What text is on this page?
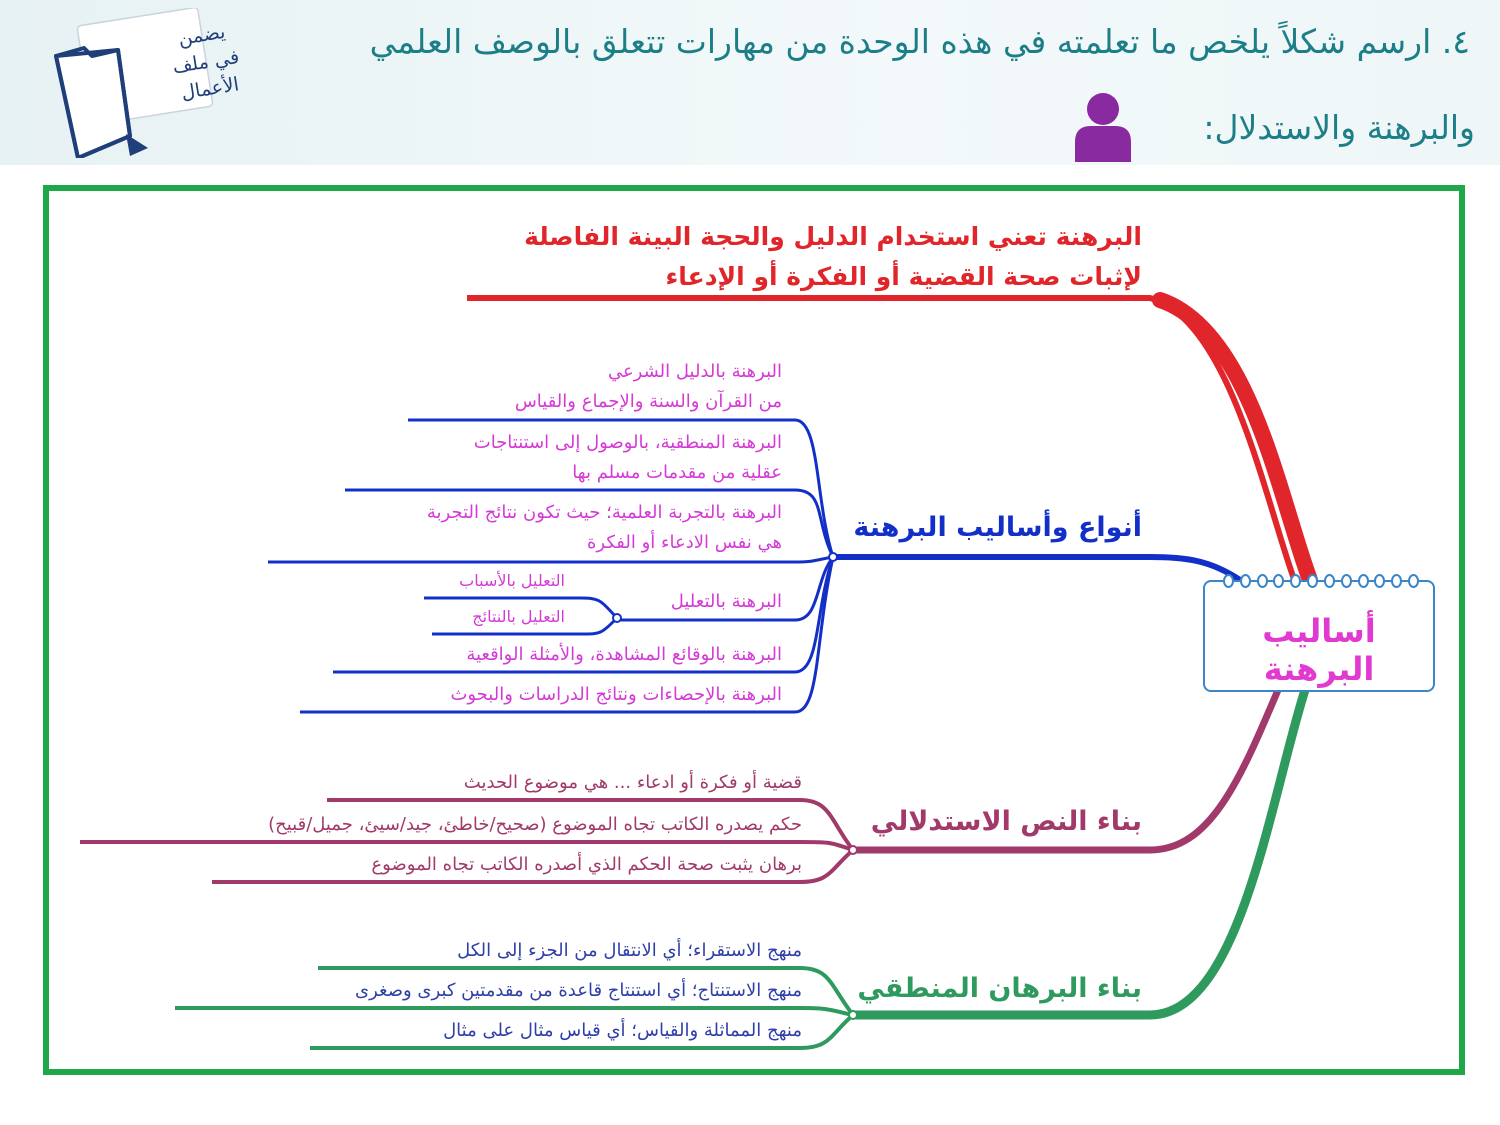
٤. ارسم شكلاً يلخص ما تعلمته في هذه الوحدة من مهارات تتعلق بالوصف العلمي
والبرهنة والاستدلال:
يضمن
في ملف
الأعمال
أساليب البرهنة
البرهنة تعني استخدام الدليل والحجة البينة الفاصلة
لإثبات صحة القضية أو الفكرة أو الإدعاء
أنواع وأساليب البرهنة
البرهنة بالدليل الشرعي
من القرآن والسنة والإجماع والقياس
البرهنة المنطقية، بالوصول إلى استنتاجات
عقلية من مقدمات مسلم بها
البرهنة بالتجربة العلمية؛ حيث تكون نتائج التجربة
هي نفس الادعاء أو الفكرة
البرهنة بالتعليل
التعليل بالأسباب
التعليل بالنتائج
البرهنة بالوقائع المشاهدة، والأمثلة الواقعية
البرهنة بالإحصاءات ونتائج الدراسات والبحوث
بناء النص الاستدلالي
قضية أو فكرة أو ادعاء ... هي موضوع الحديث
حكم يصدره الكاتب تجاه الموضوع (صحيح/خاطئ، جيد/سيئ، جميل/قبيح)
برهان يثبت صحة الحكم الذي أصدره الكاتب تجاه الموضوع
بناء البرهان المنطقي
منهج الاستقراء؛ أي الانتقال من الجزء إلى الكل
منهج الاستنتاج؛ أي استنتاج قاعدة من مقدمتين كبرى وصغرى
منهج المماثلة والقياس؛ أي قياس مثال على مثال
